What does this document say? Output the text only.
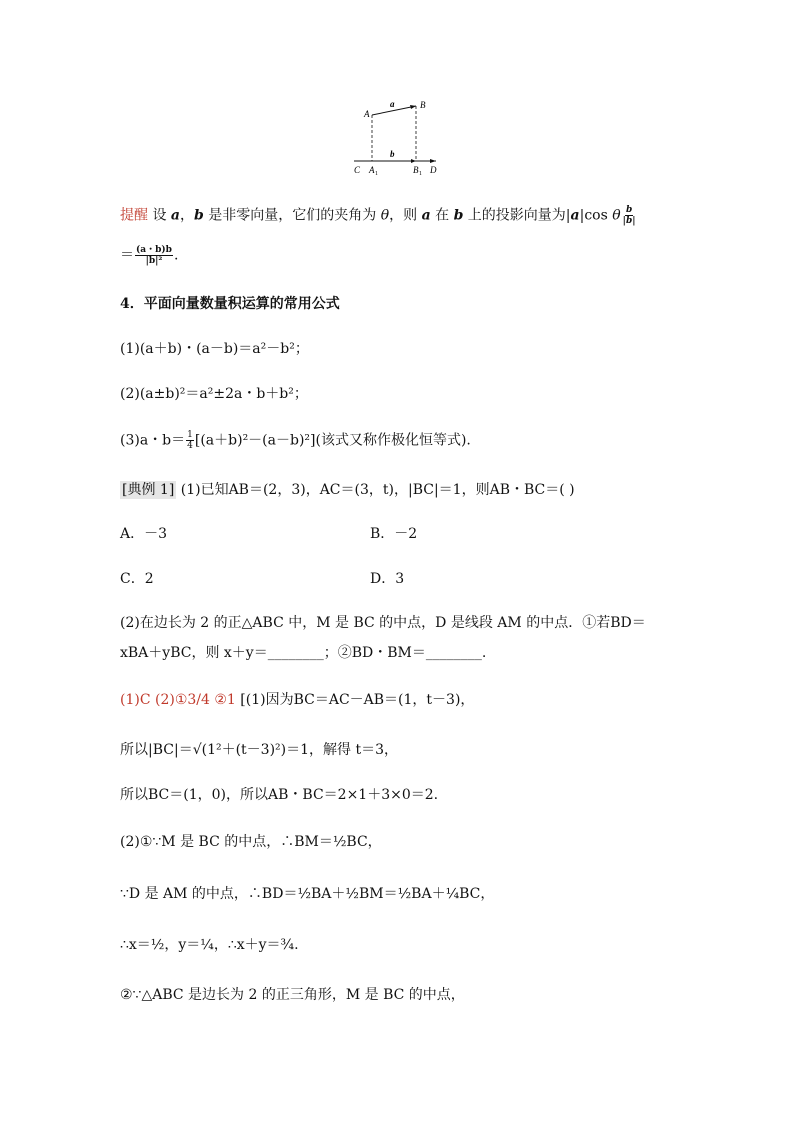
A
a	B
b
C A 1	B 1 D
提醒 设 a，b 是非零向量，它们的夹角为 θ，则 a 在 b 上的投影向量为|a|cos θ $\frac{b}{|b|}$
＝ $\frac{(a・b)b}{\text{|b|²}}$ .
4．平面向量数量积运算的常用公式
(1)(a＋b)・(a－b)＝a²－b²；
(2)(a±b)²＝a²±2a・b＋b²；
(3)a・$b= \frac{1}{4} [(a+b)^2-(a-b)^2]$(该式又称作极化恒等式).
[典例 1] (1)已知AB＝(2，3)，AC＝(3，t)，|BC|＝1，则AB・BC＝( )
A．－3	B．－2
C．2	D．3
(2)在边长为 2 的正△ABC 中，M 是 BC 的中点，D 是线段 AM 的中点．①若BD＝
xBA＋yBC，则 x＋y＝________；②BD・BM＝________.
(1)C (2)①3/4 ②1 [(1)因为BC＝AC－AB＝(1，t－3)，
所以|BC|＝√(1²＋(t－3)²)＝1，解得 t＝3，
所以BC＝(1，0)，所以AB・BC＝2×1＋3×0＝2.
(2)①∵M 是 BC 的中点，∴BM＝½BC，
∵D 是 AM 的中点，∴BD＝½BA＋½BM＝½BA＋¼BC，
∴x＝½，y＝¼，∴x＋y＝¾.
②∵△ABC 是边长为 2 的正三角形，M 是 BC 的中点，
